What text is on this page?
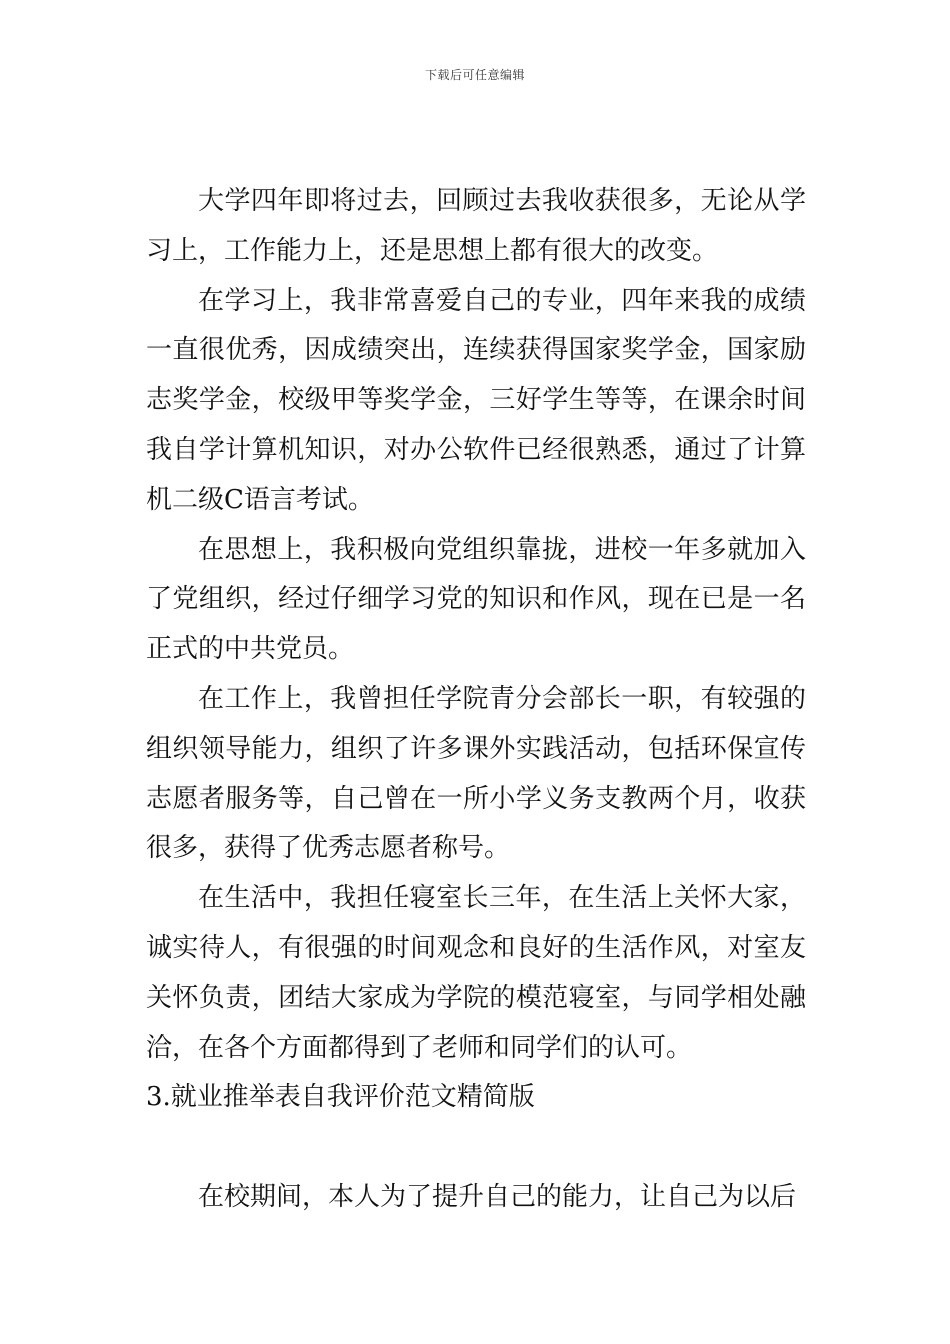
下载后可任意编辑

大学四年即将过去，回顾过去我收获很多，无论从学习上，工作能力上，还是思想上都有很大的改变。

在学习上，我非常喜爱自己的专业，四年来我的成绩一直很优秀，因成绩突出，连续获得国家奖学金，国家励志奖学金，校级甲等奖学金，三好学生等等，在课余时间我自学计算机知识，对办公软件已经很熟悉，通过了计算机二级C语言考试。

在思想上，我积极向党组织靠拢，进校一年多就加入了党组织，经过仔细学习党的知识和作风，现在已是一名正式的中共党员。

在工作上，我曾担任学院青分会部长一职，有较强的组织领导能力，组织了许多课外实践活动，包括环保宣传志愿者服务等，自己曾在一所小学义务支教两个月，收获很多，获得了优秀志愿者称号。

在生活中，我担任寝室长三年，在生活上关怀大家，诚实待人，有很强的时间观念和良好的生活作风，对室友关怀负责，团结大家成为学院的模范寝室，与同学相处融洽，在各个方面都得到了老师和同学们的认可。

3.就业推举表自我评价范文精简版

在校期间，本人为了提升自己的能力，让自己为以后
